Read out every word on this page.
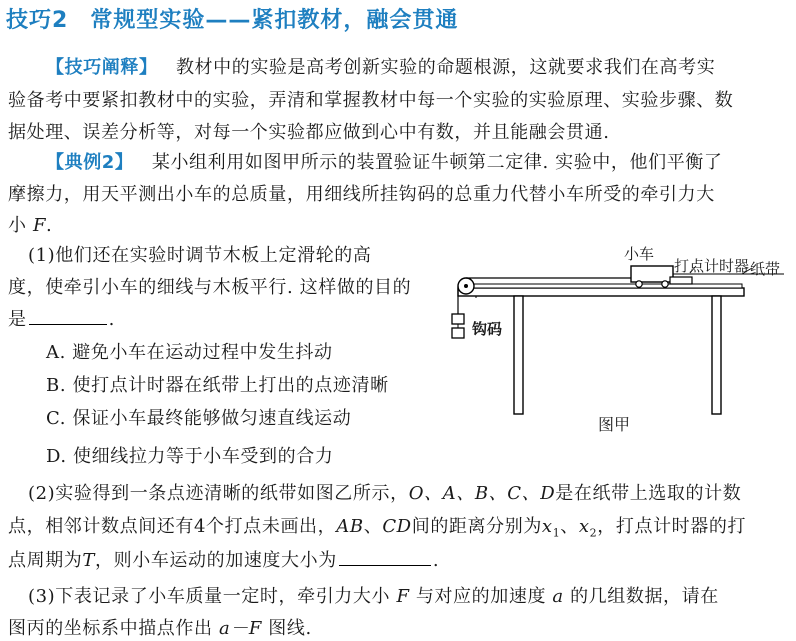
技巧2 常规型实验——紧扣教材，融会贯通
【技巧阐释】 教材中的实验是高考创新实验的命题根源，这就要求我们在高考实
验备考中要紧扣教材中的实验，弄清和掌握教材中每一个实验的实验原理、实验步骤、数
据处理、误差分析等，对每一个实验都应做到心中有数，并且能融会贯通.
【典例2】 某小组利用如图甲所示的装置验证牛顿第二定律. 实验中，他们平衡了
摩擦力，用天平测出小车的总质量，用细线所挂钩码的总重力代替小车所受的牵引力大
小 F.
(1)他们还在实验时调节木板上定滑轮的高
度，使牵引小车的细线与木板平行. 这样做的目的
是	.
A. 避免小车在运动过程中发生抖动
B. 使打点计时器在纸带上打出的点迹清晰
C. 保证小车最终能够做匀速直线运动
D. 使细线拉力等于小车受到的合力
小车
打点计时器 纸带
钩码
图甲
(2)实验得到一条点迹清晰的纸带如图乙所示，O、A、B、C、D是在纸带上选取的计数
点，相邻计数点间还有4个打点未画出，AB、CD间的距离分别为$x_1$、$x_2$，打点计时器的打
点周期为T，则小车运动的加速度大小为	.
(3)下表记录了小车质量一定时，牵引力大小 F 与对应的加速度 a 的几组数据，请在
图丙的坐标系中描点作出 a－F 图线.
